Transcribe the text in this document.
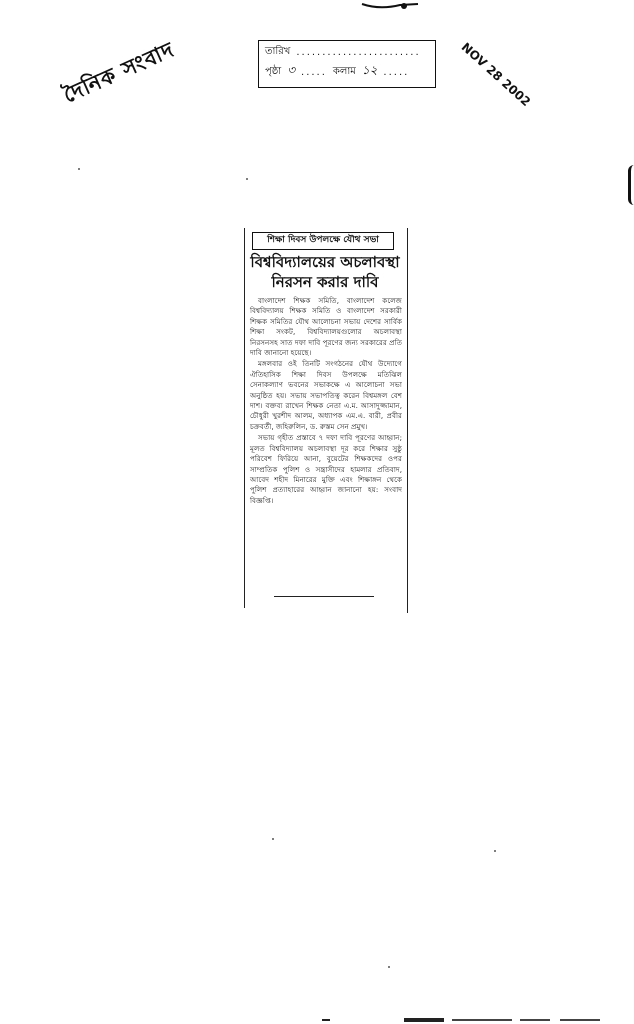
দৈনিক সংবাদ	NOV 28 2002
তারিখ ........................
পৃষ্ঠা ৩ ..... কলাম ১২ .....
শিক্ষা দিবস উপলক্ষে যৌথ সভা
বিশ্ববিদ্যালয়ের অচলাবস্থা
নিরসন করার দাবি

বাংলাদেশ শিক্ষক সমিতি, বাংলাদেশ কলেজ বিশ্ববিদ্যালয় শিক্ষক সমিতি ও বাংলাদেশ সরকারী শিক্ষক সমিতির যৌথ আলোচনা সভায় দেশের সার্বিক শিক্ষা সংকট, বিশ্ববিদ্যালয়গুলোর অচলাবস্থা নিরসনসহ সাত দফা দাবি পূরণের জন্য সরকারের প্রতি দাবি জানানো হয়েছে।

মঙ্গলবার ওই তিনটি সংগঠনের যৌথ উদ্যোগে ঐতিহাসিক শিক্ষা দিবস উপলক্ষে মতিঝিল সেনাকল্যাণ ভবনের সভাকক্ষে এ আলোচনা সভা অনুষ্ঠিত হয়। সভায় সভাপতিত্ব করেন বিশ্বমঙ্গল বেশ দাশ। বক্তব্য রাখেন শিক্ষক নেতা এ.ম. আসাদুজ্জামান, চৌধুরী খুরশীদ আলম, অধ্যাপক এম.এ. বারী, প্রবীর চক্রবর্তী, জহিরুলিন, ড. রুস্তম সেন প্রমুখ।

সভায় গৃহীত প্রস্তাবে ৭ দফা দাবি পূরণের আহ্বান; মূলত বিশ্ববিদ্যালয় অচলাবস্থা দূর করে শিক্ষার সুষ্ঠু পরিবেশ ফিরিয়ে আনা, বুয়েটের শিক্ষকদের ওপর সাম্প্রতিক পুলিশ ও সন্ত্রাসীদের হামলার প্রতিবাদ, আবেদ শহীদ মিনারের মুক্তি এবং শিক্ষাঙ্গন থেকে পুলিশ প্রত্যাহারের আহ্বান জানানো হয়: সংবাদ বিজ্ঞপ্তি।
